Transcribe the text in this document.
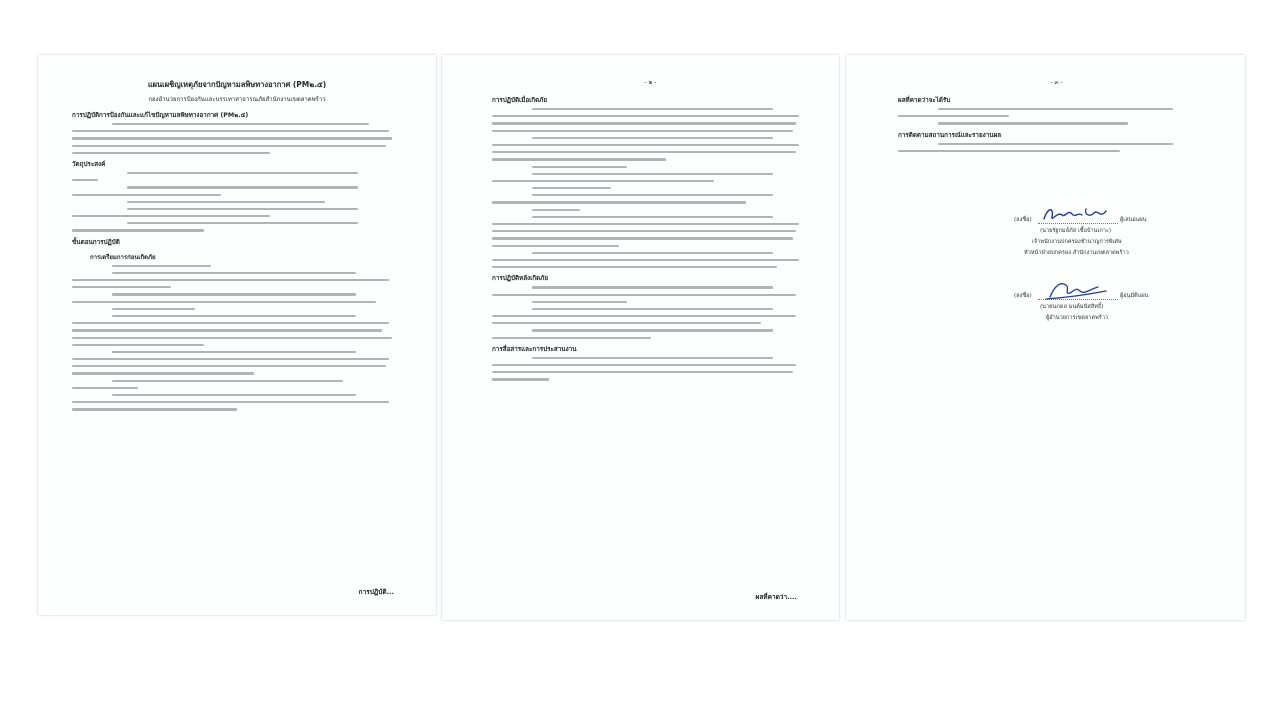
แผนเผชิญเหตุภัยจากปัญหามลพิษทางอากาศ (PM๒.๕)
กองอำนวยการป้องกันและบรรเทาสาธารณภัยสำนักงานเขตลาดพร้าว
การปฏิบัติการป้องกันและแก้ไขปัญหามลพิษทางอากาศ (PM๒.๕)
วัตถุประสงค์
ขั้นตอนการปฏิบัติ
การเตรียมการก่อนเกิดภัย
การปฏิบัติ...
- ๒ -
การปฏิบัติเมื่อเกิดภัย
การปฏิบัติหลังเกิดภัย
การสื่อสารและการประสานงาน
ผลที่คาดว่า....
- ๓ -
ผลที่คาดว่าจะได้รับ
การติดตามสถานการณ์และรายงานผล
(ลงชื่อ)	ผู้เสนอแผน
(นายรัฐกมล์ภัส เชื้อบ้านเกาะ)
เจ้าพนักงานปกครองชำนาญการพิเศษ
หัวหน้าฝ่ายปกครอง สำนักงานเขตลาดพร้าว
(ลงชื่อ)	ผู้อนุมัติแผน
(นายนภดล มนต์มนัสสิทธิ์)
ผู้อำนวยการเขตลาดพร้าว
